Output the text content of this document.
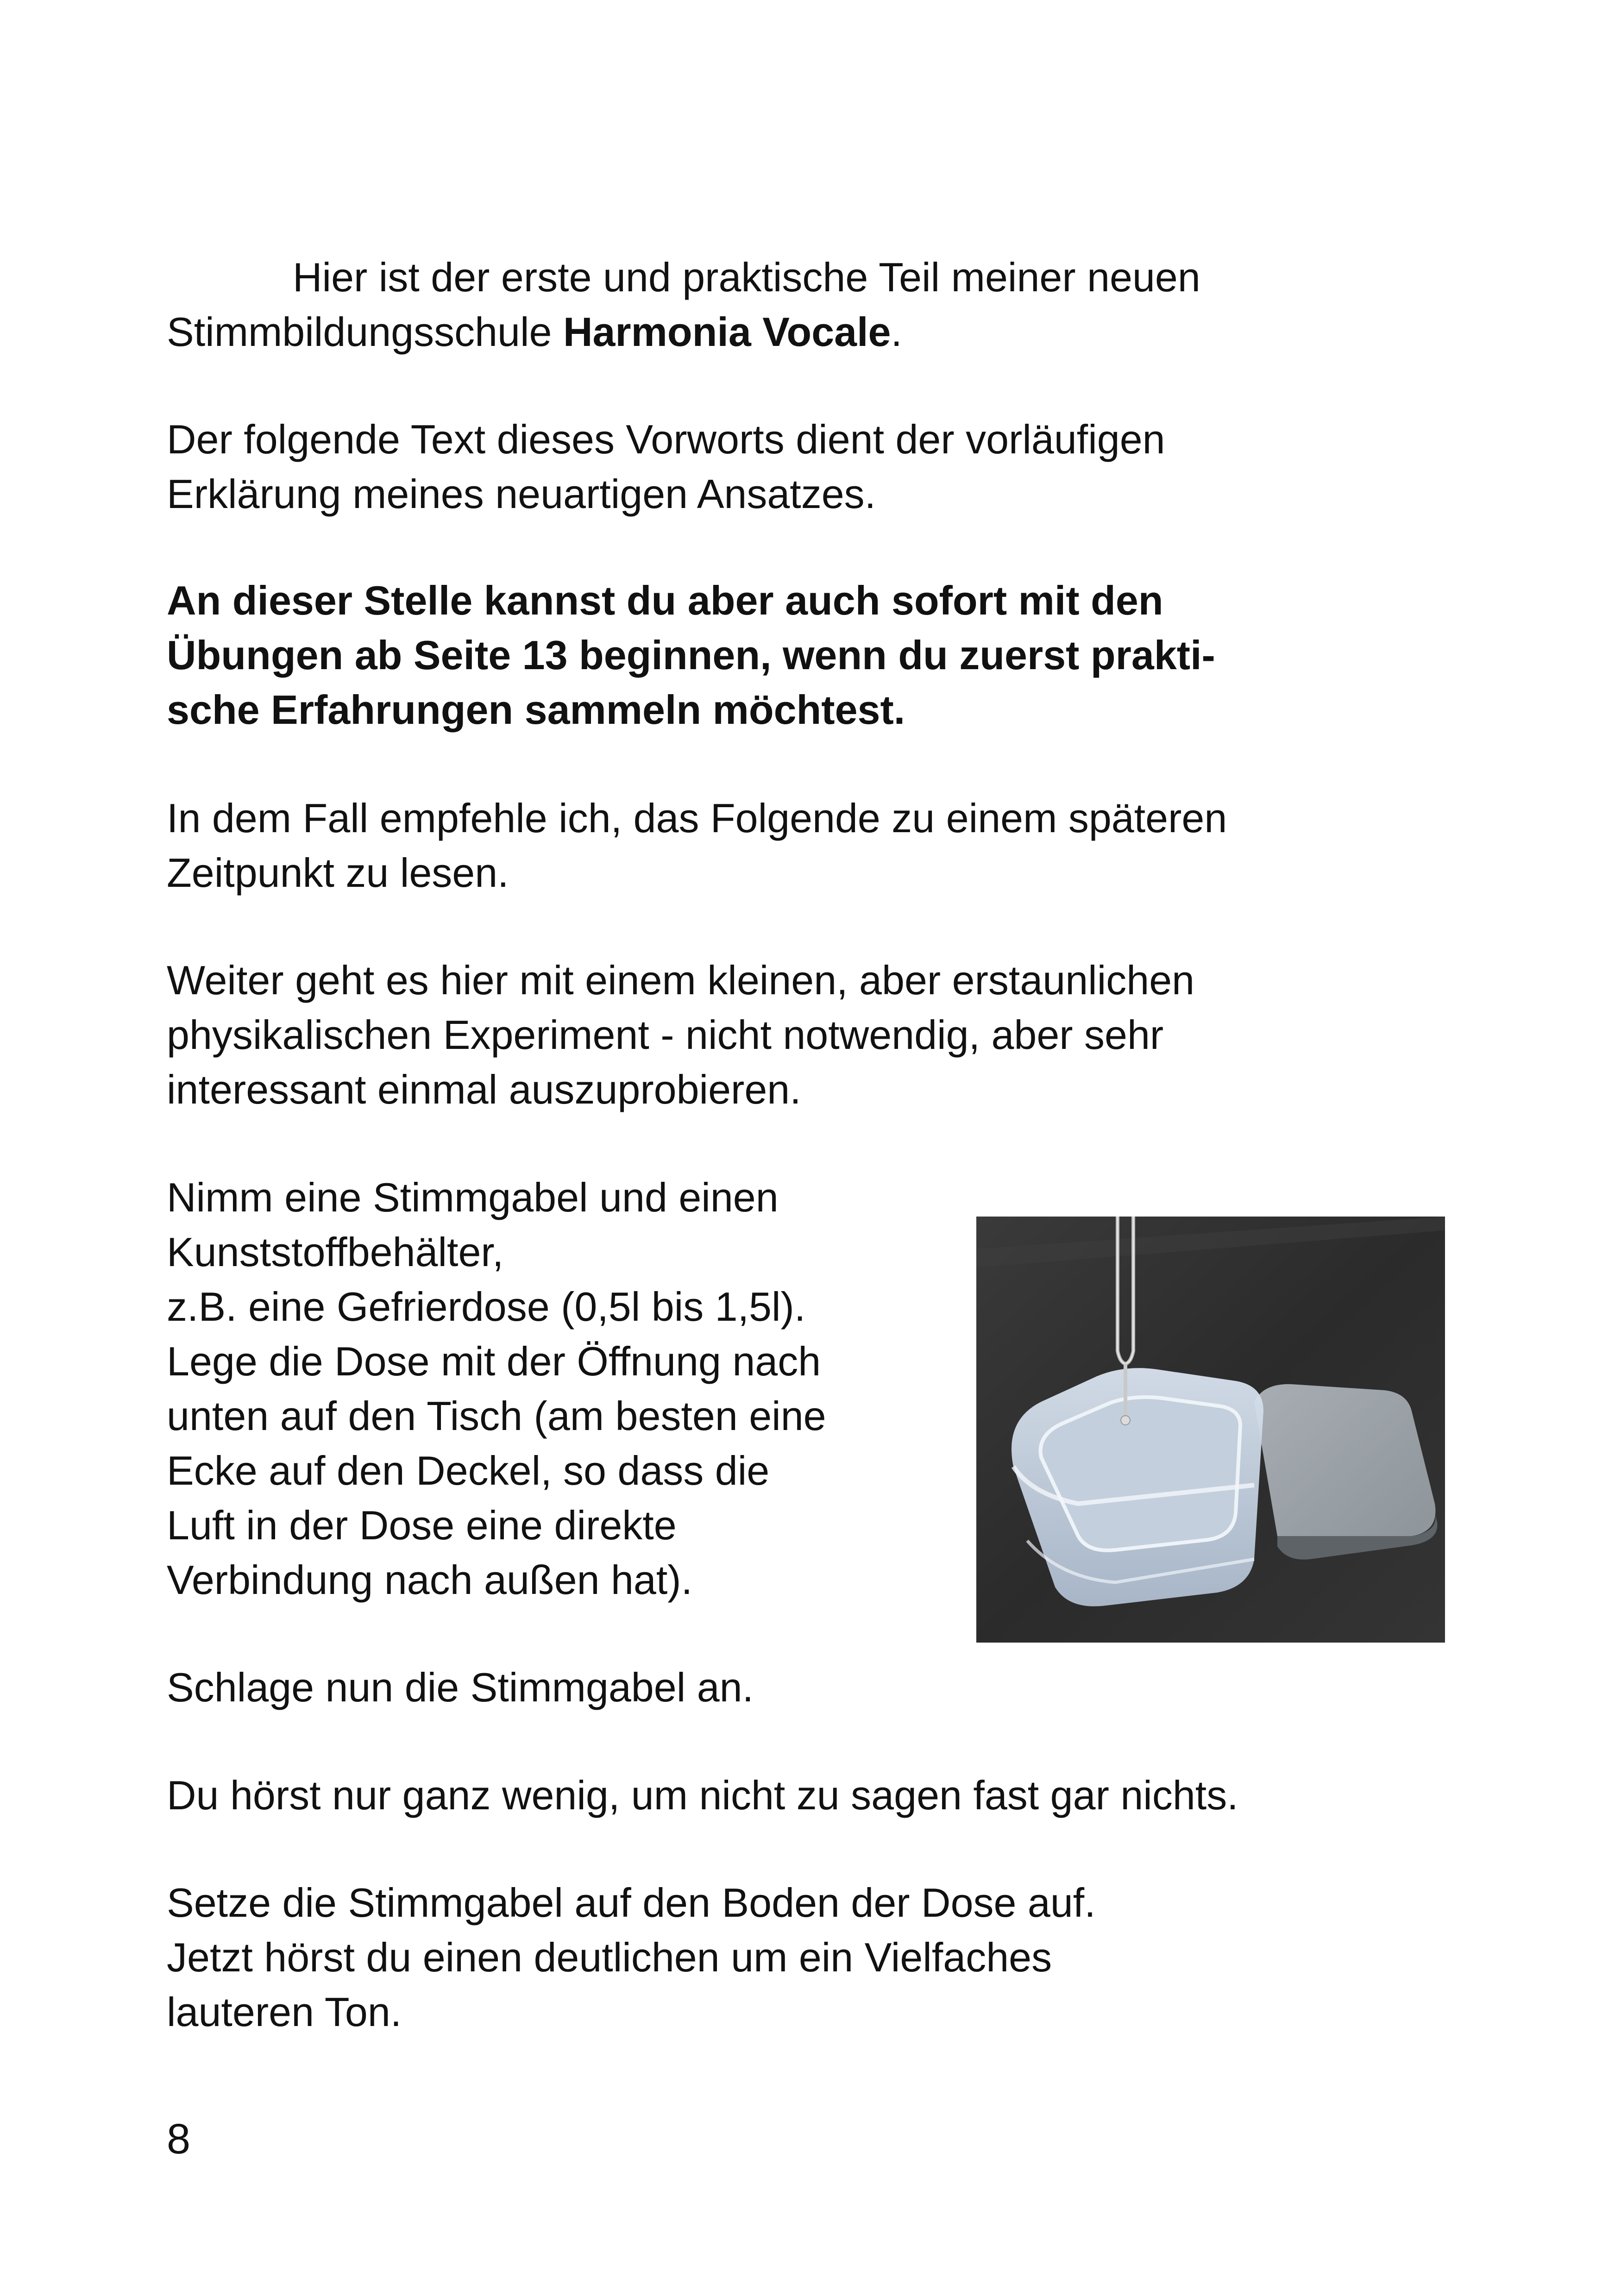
Hier ist der erste und praktische Teil meiner neuen
Stimmbildungsschule Harmonia Vocale.
Der folgende Text dieses Vorworts dient der vorläufigen
Erklärung meines neuartigen Ansatzes.
An dieser Stelle kannst du aber auch sofort mit den
Übungen ab Seite 13 beginnen, wenn du zuerst prakti-
sche Erfahrungen sammeln möchtest.
In dem Fall empfehle ich, das Folgende zu einem späteren
Zeitpunkt zu lesen.
Weiter geht es hier mit einem kleinen, aber erstaunlichen
physikalischen Experiment - nicht notwendig, aber sehr
interessant einmal auszuprobieren.
Nimm eine Stimmgabel und einen
Kunststoffbehälter,
z.B. eine Gefrierdose (0,5l bis 1,5l).
Lege die Dose mit der Öffnung nach
unten auf den Tisch (am besten eine
Ecke auf den Deckel, so dass die
Luft in der Dose eine direkte
Verbindung nach außen hat).
Schlage nun die Stimmgabel an.
Du hörst nur ganz wenig, um nicht zu sagen fast gar nichts.
Setze die Stimmgabel auf den Boden der Dose auf.
Jetzt hörst du einen deutlichen um ein Vielfaches
lauteren Ton.
8
